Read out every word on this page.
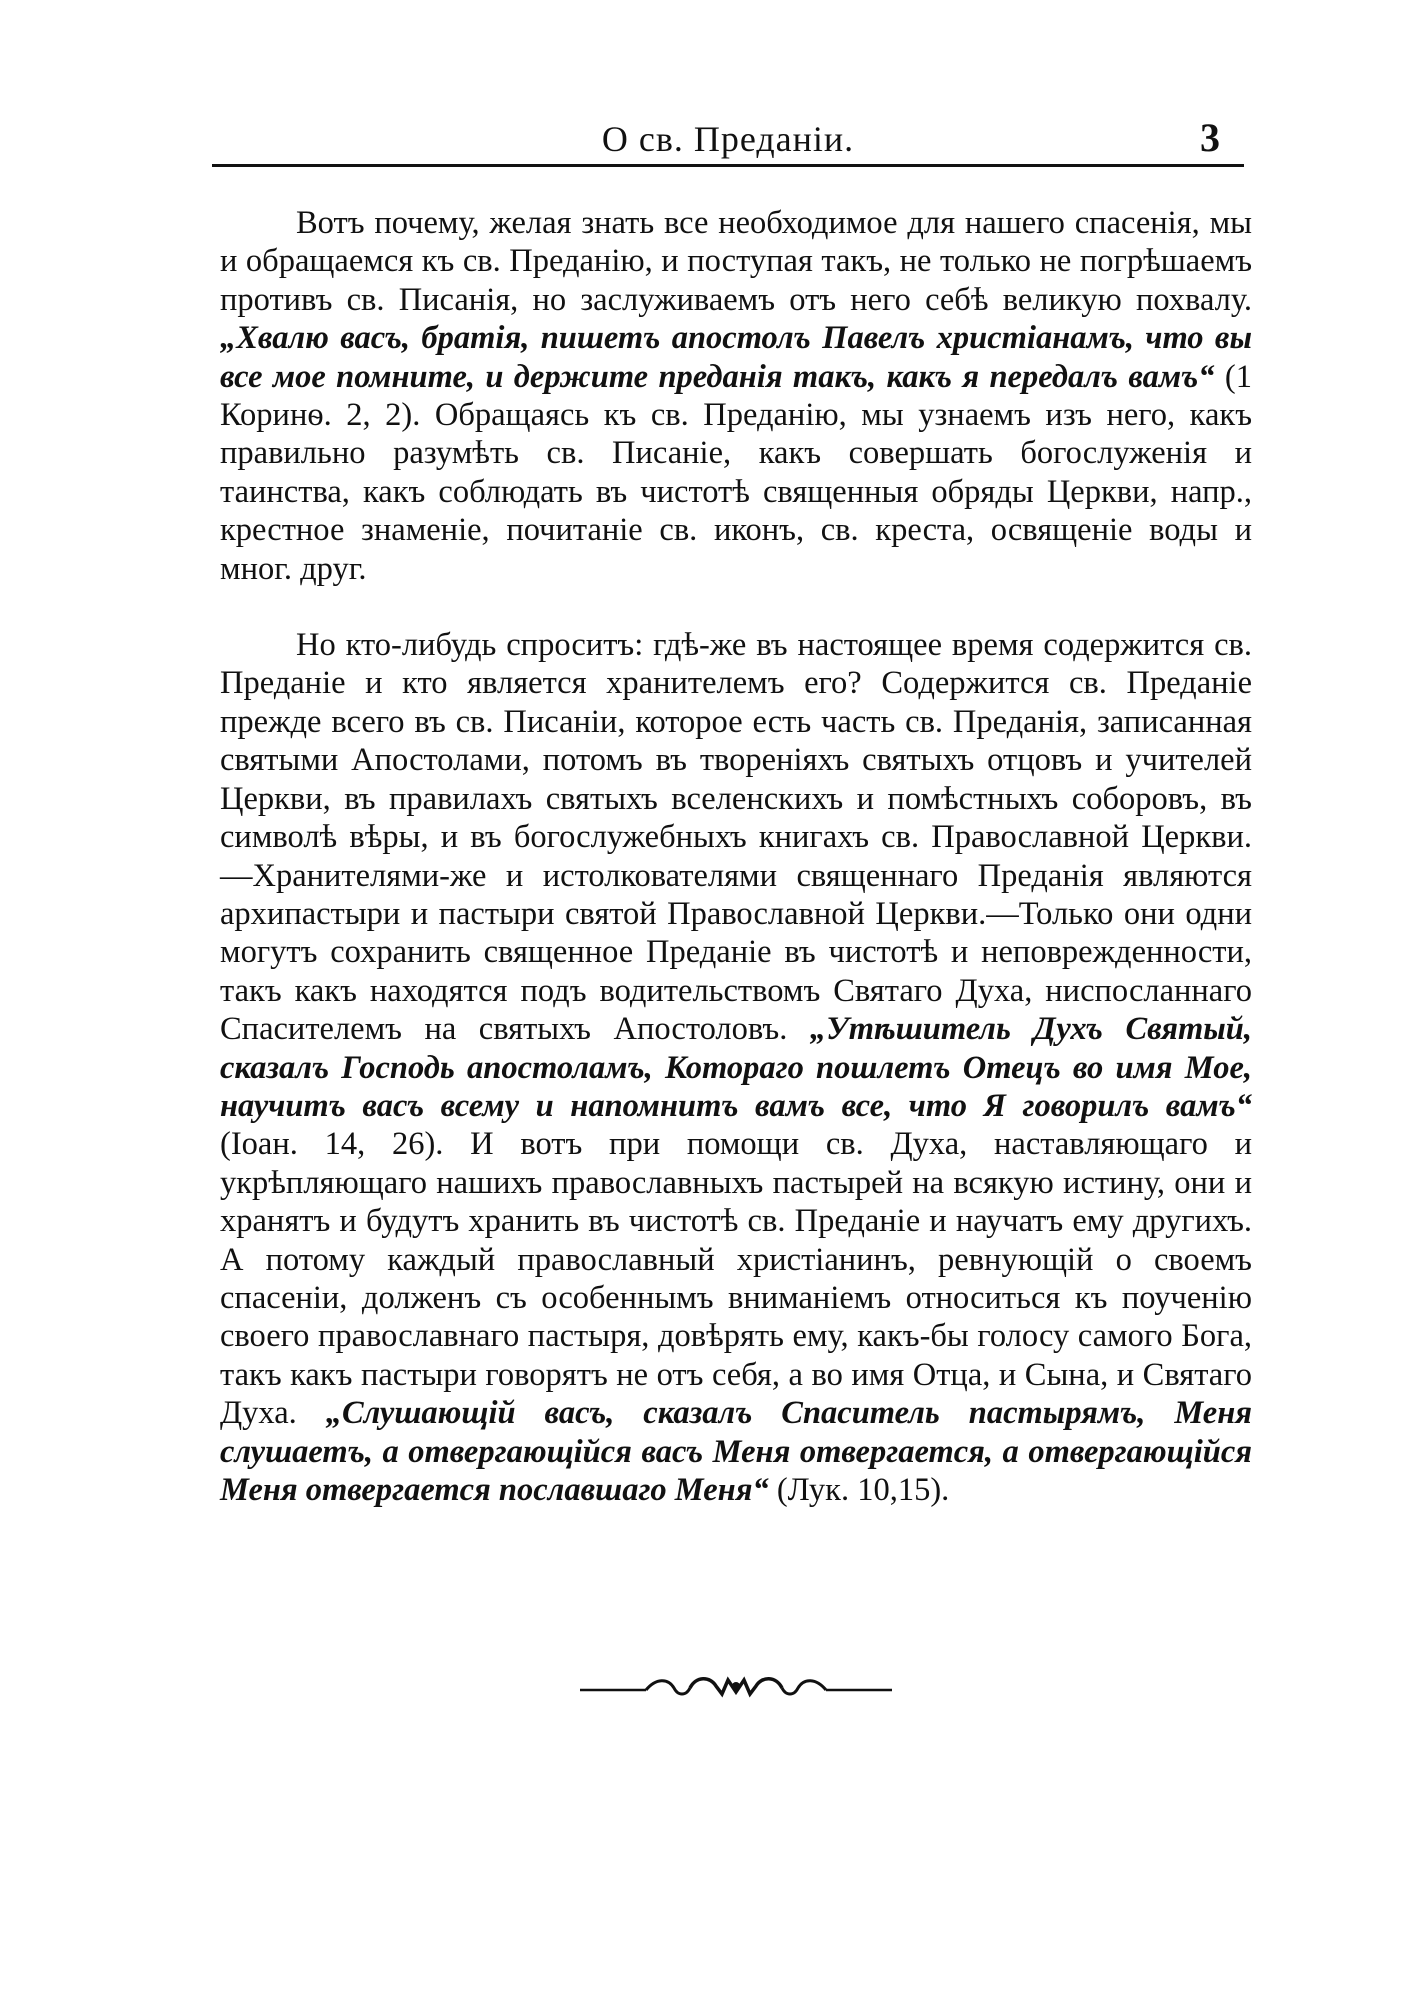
О св. Преданіи.	3

Вотъ почему, желая знать все необходимое для нашего спасенія, мы и обращаемся къ св. Преданію, и поступая такъ, не только не погрѣшаемъ противъ св. Писанія, но заслуживаемъ отъ него себѣ великую похвалу. „Хвалю васъ, братія, пишетъ апостолъ Павелъ христіанамъ, что вы все мое помните, и держите преданія такъ, какъ я передалъ вамъ“ (1 Коринѳ. 2, 2). Обращаясь къ св. Преданію, мы узнаемъ изъ него, какъ правильно разумѣть св. Писаніе, какъ совершать богослуженія и таинства, какъ соблюдать въ чистотѣ священныя обряды Церкви, напр., крестное знаменіе, почитаніе св. иконъ, св. креста, освященіе воды и мног. друг.

Но кто-либудь спроситъ: гдѣ-же въ настоящее время содержится св. Преданіе и кто является хранителемъ его? Содержится св. Преданіе прежде всего въ св. Писаніи, которое есть часть св. Преданія, записанная святыми Апостолами, потомъ въ твореніяхъ святыхъ отцовъ и учителей Церкви, въ правилахъ святыхъ вселенскихъ и помѣстныхъ соборовъ, въ символѣ вѣры, и въ богослужебныхъ книгахъ св. Православной Церкви.—Хранителями-же и истолкователями священнаго Преданія являются архипастыри и пастыри святой Православной Церкви.—Только они одни могутъ сохранить священное Преданіе въ чистотѣ и неповрежденности, такъ какъ находятся подъ водительствомъ Святаго Духа, ниспосланнаго Спасителемъ на святыхъ Апостоловъ. „Утѣшитель Духъ Святый, сказалъ Господь апостоламъ, Котораго пошлетъ Отецъ во имя Мое, научитъ васъ всему и напомнитъ вамъ все, что Я говорилъ вамъ“ (Іоан. 14, 26). И вотъ при помощи св. Духа, наставляющаго и укрѣпляющаго нашихъ православныхъ пастырей на всякую истину, они и хранятъ и будутъ хранить въ чистотѣ св. Преданіе и научатъ ему другихъ. А потому каждый православный христіанинъ, ревнующій о своемъ спасеніи, долженъ съ особеннымъ вниманіемъ относиться къ поученію своего православнаго пастыря, довѣрять ему, какъ-бы голосу самого Бога, такъ какъ пастыри говорятъ не отъ себя, а во имя Отца, и Сына, и Святаго Духа. „Слушающій васъ, сказалъ Спаситель пастырямъ, Меня слушаетъ, а отвергающійся васъ Меня отвергается, а отвергающійся Меня отвергается пославшаго Меня“ (Лук. 10,15).
